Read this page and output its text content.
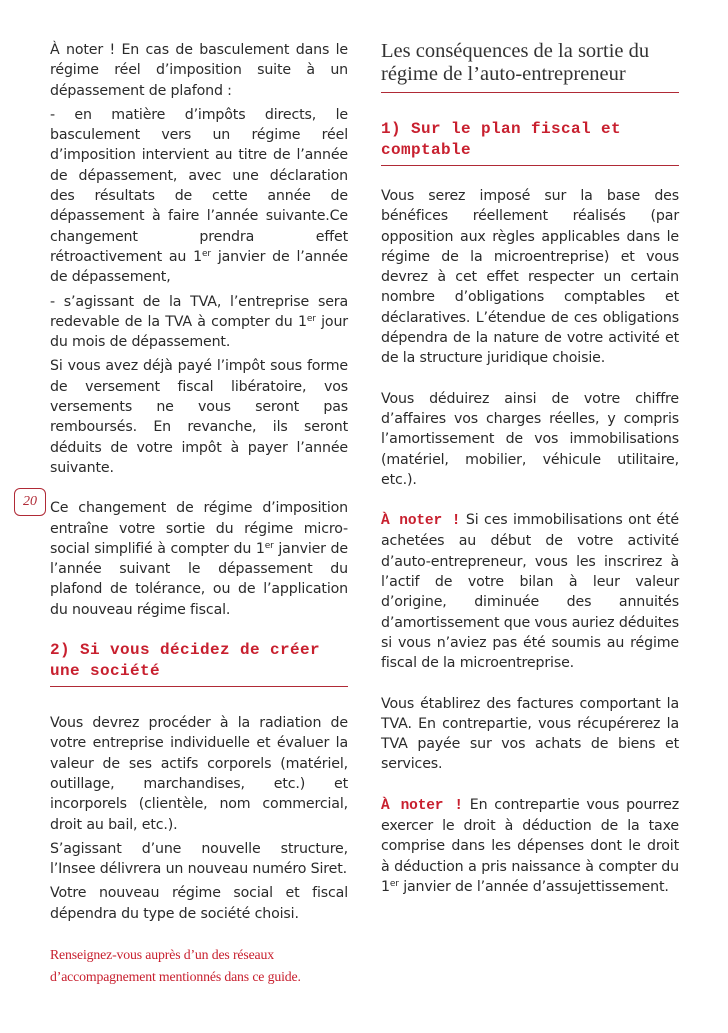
À noter ! En cas de basculement dans le régime réel d’imposition suite à un dépassement de plafond :

- en matière d’impôts directs, le basculement vers un régime réel d’imposition intervient au titre de l’année de dépassement, avec une déclaration des résultats de cette année de dépassement à faire l’année suivante.Ce changement prendra effet rétroactivement au 1er janvier de l’année de dépassement,

- s’agissant de la TVA, l’entreprise sera redevable de la TVA à compter du 1er jour du mois de dépassement.

Si vous avez déjà payé l’impôt sous forme de versement fiscal libératoire, vos versements ne vous seront pas remboursés. En revanche, ils seront déduits de votre impôt à payer l’année suivante.

Ce changement de régime d’imposition entraîne votre sortie du régime micro-social simplifié à compter du 1er janvier de l’année suivant le dépassement du plafond de tolérance, ou de l’application du nouveau régime fiscal.

2) Si vous décidez de créer une société

Vous devrez procéder à la radiation de votre entreprise individuelle et évaluer la valeur de ses actifs corporels (matériel, outillage, marchandises, etc.) et incorporels (clientèle, nom commercial, droit au bail, etc.).

S’agissant d’une nouvelle structure, l’Insee délivrera un nouveau numéro Siret.

Votre nouveau régime social et fiscal dépendra du type de société choisi.

Renseignez-vous auprès d’un des réseaux d’accompagnement mentionnés dans ce guide.

20
Les conséquences de la sortie du régime de l’auto-entrepreneur
1) Sur le plan fiscal et comptable

Vous serez imposé sur la base des bénéfices réellement réalisés (par opposition aux règles applicables dans le régime de la microentreprise) et vous devrez à cet effet respecter un certain nombre d’obligations comptables et déclaratives. L’étendue de ces obligations dépendra de la nature de votre activité et de la structure juridique choisie.

Vous déduirez ainsi de votre chiffre d’affaires vos charges réelles, y compris l’amortissement de vos immobilisations (matériel, mobilier, véhicule utilitaire, etc.).

À noter ! Si ces immobilisations ont été achetées au début de votre activité d’auto-entrepreneur, vous les inscrirez à l’actif de votre bilan à leur valeur d’origine, diminuée des annuités d’amortissement que vous auriez déduites si vous n’aviez pas été soumis au régime fiscal de la microentreprise.

Vous établirez des factures comportant la TVA. En contrepartie, vous récupérerez la TVA payée sur vos achats de biens et services.

À noter ! En contrepartie vous pourrez exercer le droit à déduction de la taxe comprise dans les dépenses dont le droit à déduction a pris naissance à compter du 1er janvier de l’année d’assujettissement.
